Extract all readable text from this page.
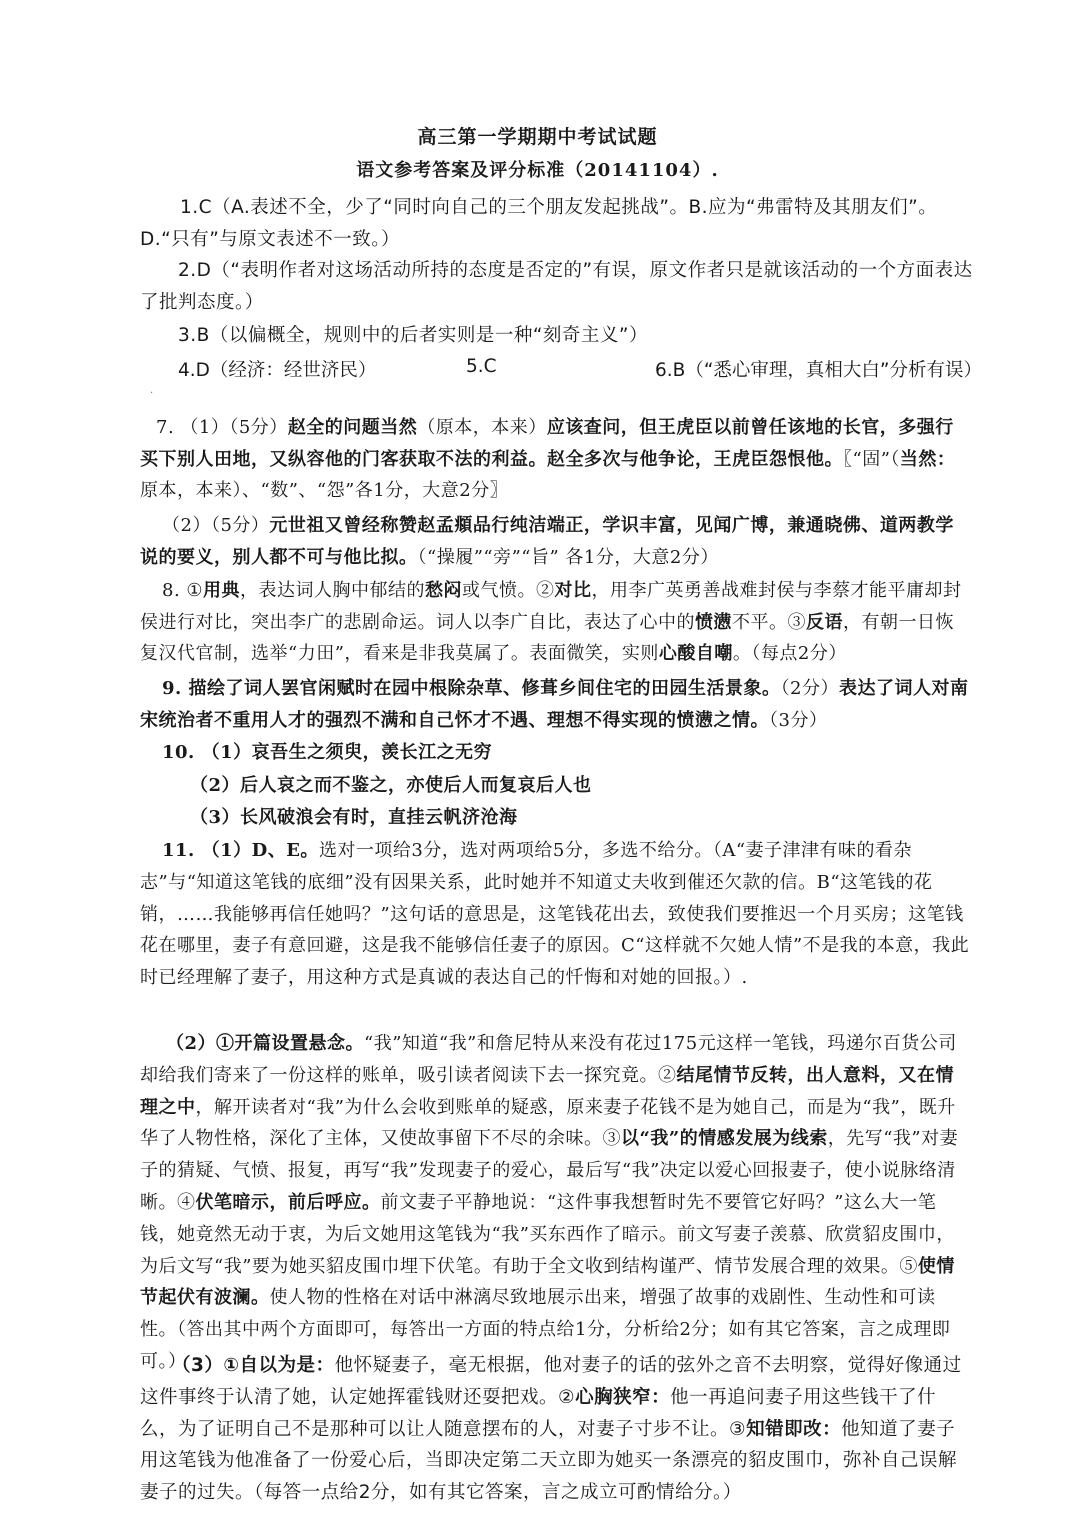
高三第一学期期中考试试题
语文参考答案及评分标准（20141104）.
1.C（A.表述不全，少了“同时向自己的三个朋友发起挑战”。B.应为“弗雷特及其朋友们”。D.“只有”与原文表述不一致。）
2.D（“表明作者对这场活动所持的态度是否定的”有误，原文作者只是就该活动的一个方面表达了批判态度。）
3.B（以偏概全，规则中的后者实则是一种“刻奇主义”）
4.D（经济：经世济民）	5.C	6.B（“悉心审理，真相大白”分析有误）
·
7. （1）（5分）赵全的问题当然（原本，本来）应该查问，但王虎臣以前曾任该地的长官，多强行买下别人田地，又纵容他的门客获取不法的利益。赵全多次与他争论，王虎臣怨恨他。〖“固”（当然：原本，本来）、“数”、“怨”各1分，大意2分〗
（2）（5分）元世祖又曾经称赞赵孟頫品行纯洁端正，学识丰富，见闻广博，兼通晓佛、道两教学说的要义，别人都不可与他比拟。（“操履”“旁”“旨” 各1分，大意2分）
8. ①用典，表达词人胸中郁结的愁闷或气愤。②对比，用李广英勇善战难封侯与李蔡才能平庸却封侯进行对比，突出李广的悲剧命运。词人以李广自比，表达了心中的愤懑不平。③反语，有朝一日恢复汉代官制，选举“力田”，看来是非我莫属了。表面微笑，实则心酸自嘲。（每点2分）
9. 描绘了词人罢官闲赋时在园中根除杂草、修葺乡间住宅的田园生活景象。（2分）表达了词人对南宋统治者不重用人才的强烈不满和自己怀才不遇、理想不得实现的愤懑之情。（3分）
10. （1）哀吾生之须臾，羡长江之无穷
（2）后人哀之而不鉴之，亦使后人而复哀后人也
（3）长风破浪会有时，直挂云帆济沧海
11. （1）D、E。选对一项给3分，选对两项给5分，多选不给分。（A“妻子津津有味的看杂志”与“知道这笔钱的底细”没有因果关系，此时她并不知道丈夫收到催还欠款的信。B“这笔钱的花销，……我能够再信任她吗？”这句话的意思是，这笔钱花出去，致使我们要推迟一个月买房；这笔钱花在哪里，妻子有意回避，这是我不能够信任妻子的原因。C“这样就不欠她人情”不是我的本意，我此时已经理解了妻子，用这种方式是真诚的表达自己的忏悔和对她的回报。）.
（2）①开篇设置悬念。“我”知道“我”和詹尼特从来没有花过175元这样一笔钱，玛递尔百货公司却给我们寄来了一份这样的账单，吸引读者阅读下去一探究竟。②结尾情节反转，出人意料，又在情理之中，解开读者对“我”为什么会收到账单的疑惑，原来妻子花钱不是为她自己，而是为“我”，既升华了人物性格，深化了主体，又使故事留下不尽的余味。③以“我”的情感发展为线索，先写“我”对妻子的猜疑、气愤、报复，再写“我”发现妻子的爱心，最后写“我”决定以爱心回报妻子，使小说脉络清晰。④伏笔暗示，前后呼应。前文妻子平静地说：“这件事我想暂时先不要管它好吗？”这么大一笔钱，她竟然无动于衷，为后文她用这笔钱为“我”买东西作了暗示。前文写妻子羡慕、欣赏貂皮围巾，为后文写“我”要为她买貂皮围巾埋下伏笔。有助于全文收到结构谨严、情节发展合理的效果。⑤使情节起伏有波澜。使人物的性格在对话中淋漓尽致地展示出来，增强了故事的戏剧性、生动性和可读性。（答出其中两个方面即可，每答出一方面的特点给1分，分析给2分；如有其它答案，言之成理即可。）
（3）①自以为是：他怀疑妻子，毫无根据，他对妻子的话的弦外之音不去明察，觉得好像通过这件事终于认清了她，认定她挥霍钱财还耍把戏。②心胸狭窄：他一再追问妻子用这些钱干了什么，为了证明自己不是那种可以让人随意摆布的人，对妻子寸步不让。③知错即改：他知道了妻子用这笔钱为他准备了一份爱心后，当即决定第二天立即为她买一条漂亮的貂皮围巾，弥补自己误解妻子的过失。（每答一点给2分，如有其它答案，言之成立可酌情给分。）
